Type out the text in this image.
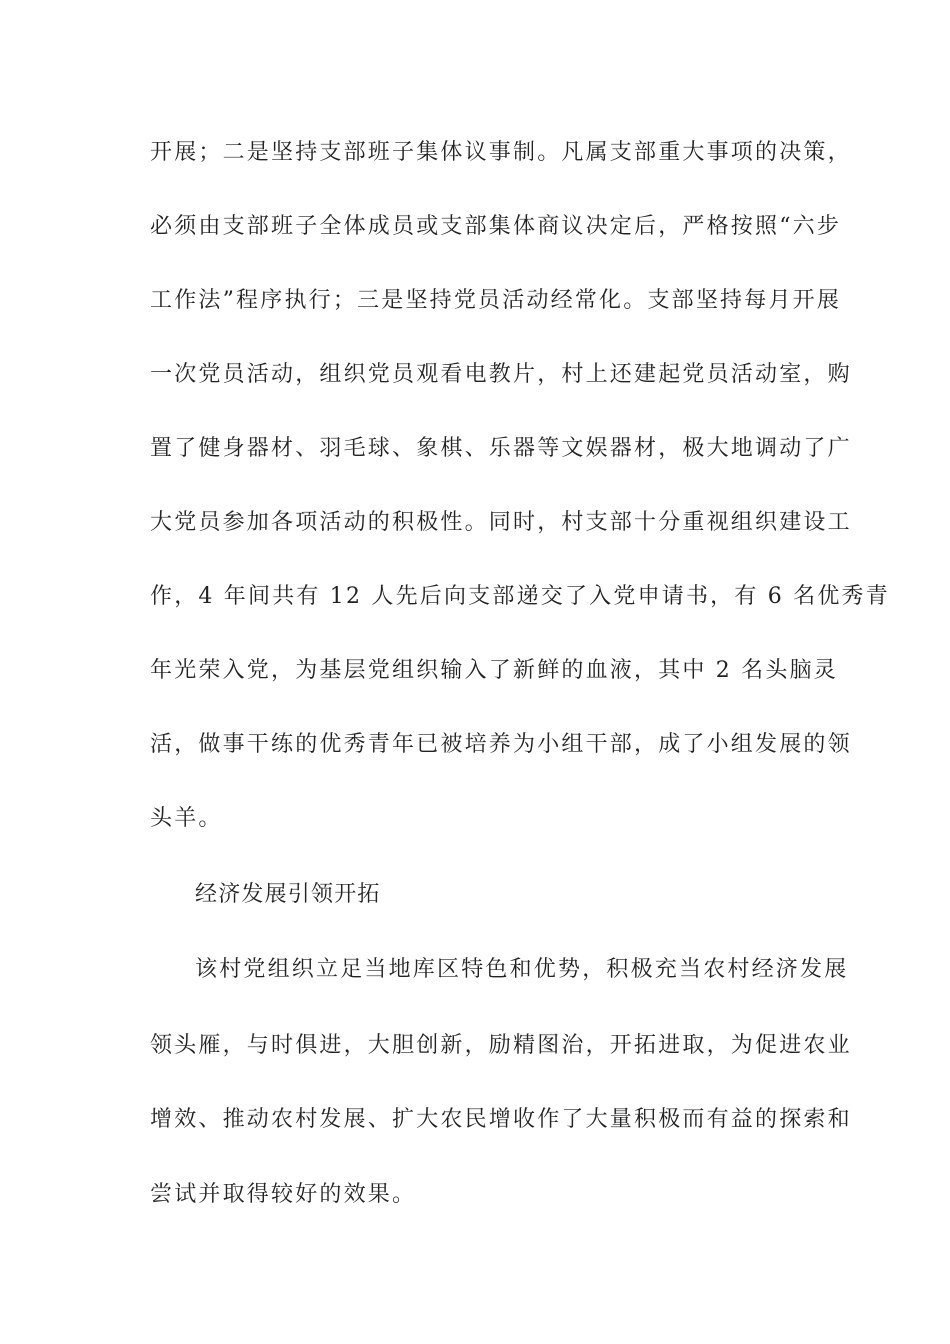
开展；二是坚持支部班子集体议事制。凡属支部重大事项的决策，
必须由支部班子全体成员或支部集体商议决定后，严格按照“六步
工作法”程序执行；三是坚持党员活动经常化。支部坚持每月开展
一次党员活动，组织党员观看电教片，村上还建起党员活动室，购
置了健身器材、羽毛球、象棋、乐器等文娱器材，极大地调动了广
大党员参加各项活动的积极性。同时，村支部十分重视组织建设工
作，4 年间共有 12 人先后向支部递交了入党申请书，有 6 名优秀青
年光荣入党，为基层党组织输入了新鲜的血液，其中 2 名头脑灵
活，做事干练的优秀青年已被培养为小组干部，成了小组发展的领
头羊。
经济发展引领开拓
该村党组织立足当地库区特色和优势，积极充当农村经济发展
领头雁，与时俱进，大胆创新，励精图治，开拓进取，为促进农业
增效、推动农村发展、扩大农民增收作了大量积极而有益的探索和
尝试并取得较好的效果。
